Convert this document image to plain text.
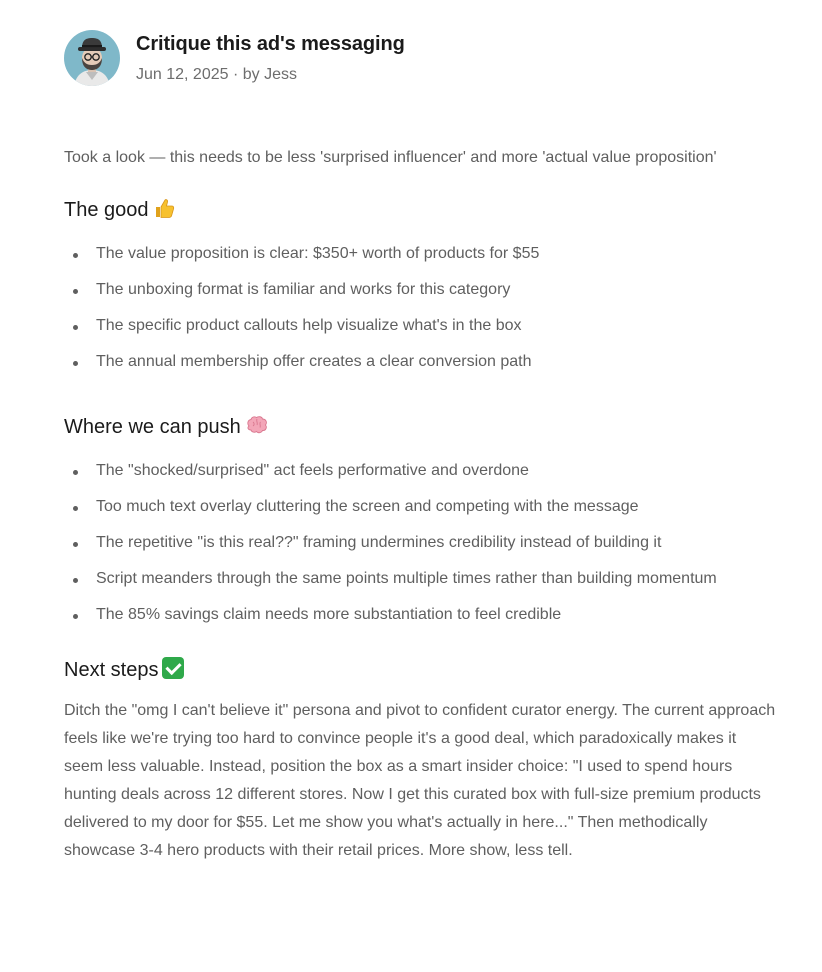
Critique this ad's messaging
Jun 12, 2025 · by Jess
Took a look — this needs to be less 'surprised influencer' and more 'actual value proposition'
The good
The value proposition is clear: $350+ worth of products for $55
The unboxing format is familiar and works for this category
The specific product callouts help visualize what's in the box
The annual membership offer creates a clear conversion path
Where we can push
The "shocked/surprised" act feels performative and overdone
Too much text overlay cluttering the screen and competing with the message
The repetitive "is this real??" framing undermines credibility instead of building it
Script meanders through the same points multiple times rather than building momentum
The 85% savings claim needs more substantiation to feel credible
Next steps
Ditch the "omg I can't believe it" persona and pivot to confident curator energy. The current approach feels like we're trying too hard to convince people it's a good deal, which paradoxically makes it seem less valuable. Instead, position the box as a smart insider choice: "I used to spend hours hunting deals across 12 different stores. Now I get this curated box with full-size premium products delivered to my door for $55. Let me show you what's actually in here..." Then methodically showcase 3-4 hero products with their retail prices. More show, less tell.
